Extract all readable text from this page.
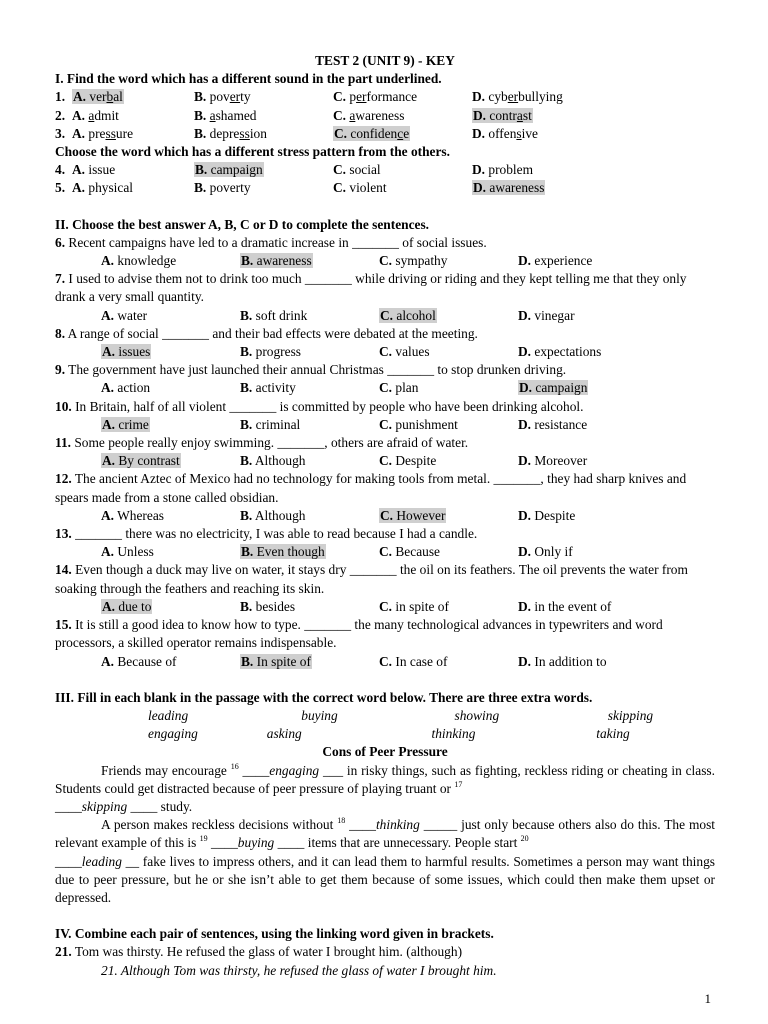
TEST 2 (UNIT 9) - KEY
I. Find the word which has a different sound in the part underlined.
1. A. verbal	B. poverty	C. performance	D. cyberbullying
2. A. admit	B. ashamed	C. awareness	D. contrast
3. A. pressure	B. depression	C. confidence	D. offensive
Choose the word which has a different stress pattern from the others.
4. A. issue	B. campaign	C. social	D. problem
5. A. physical	B. poverty	C. violent	D. awareness
II. Choose the best answer A, B, C or D to complete the sentences.
6. Recent campaigns have led to a dramatic increase in _______ of social issues.
A. knowledge	B. awareness	C. sympathy	D. experience
7. I used to advise them not to drink too much _______ while driving or riding and they kept telling me that they only drank a very small quantity.
A. water	B. soft drink	C. alcohol	D. vinegar
8. A range of social _______ and their bad effects were debated at the meeting.
A. issues	B. progress	C. values	D. expectations
9. The government have just launched their annual Christmas _______ to stop drunken driving.
A. action	B. activity	C. plan	D. campaign
10. In Britain, half of all violent _______ is committed by people who have been drinking alcohol.
A. crime	B. criminal	C. punishment	D. resistance
11. Some people really enjoy swimming. _______, others are afraid of water.
A. By contrast	B. Although	C. Despite	D. Moreover
12. The ancient Aztec of Mexico had no technology for making tools from metal. _______, they had sharp knives and spears made from a stone called obsidian.
A. Whereas	B. Although	C. However	D. Despite
13. _______ there was no electricity, I was able to read because I had a candle.
A. Unless	B. Even though	C. Because	D. Only if
14. Even though a duck may live on water, it stays dry _______ the oil on its feathers. The oil prevents the water from soaking through the feathers and reaching its skin.
A. due to	B. besides	C. in spite of	D. in the event of
15. It is still a good idea to know how to type. _______ the many technological advances in typewriters and word processors, a skilled operator remains indispensable.
A. Because of	B. In spite of	C. In case of	D. In addition to
III. Fill in each blank in the passage with the correct word below. There are three extra words.
leading	buying	showing	skipping
engaging	asking	thinking	taking
Cons of Peer Pressure
Friends may encourage $^{16}$ ____engaging ___ in risky things, such as fighting, reckless riding or cheating in class. Students could get distracted because of peer pressure of playing truant or $^{17}$
____skipping ____ study.
A person makes reckless decisions without $^{18}$ ____thinking _____ just only because others also do this. The most relevant example of this is $^{19}$ ____buying ____ items that are unnecessary. People start $^{20}$
____leading __ fake lives to impress others, and it can lead them to harmful results. Sometimes a person may want things due to peer pressure, but he or she isn’t able to get them because of some issues, which could then make them upset or depressed.
IV. Combine each pair of sentences, using the linking word given in brackets.
21. Tom was thirsty. He refused the glass of water I brought him. (although)
21. Although Tom was thirsty, he refused the glass of water I brought him.
1
